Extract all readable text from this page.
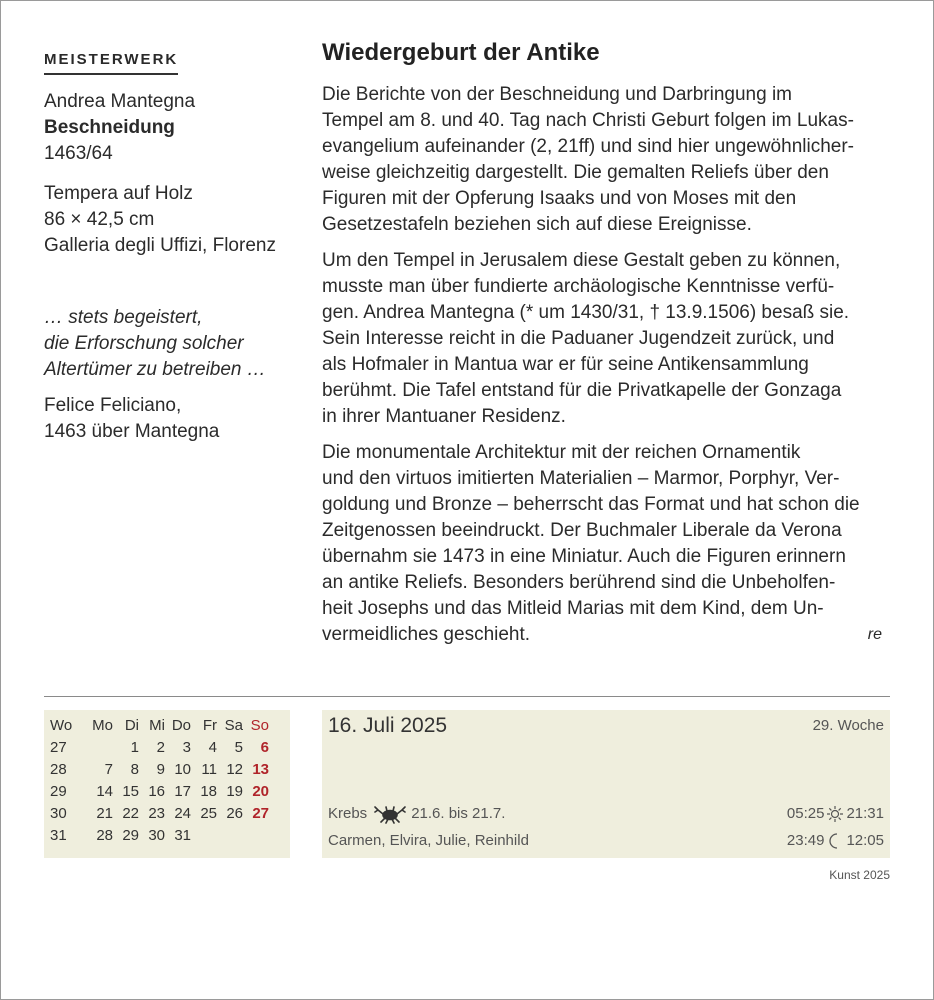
MEISTERWERK
Andrea Mantegna
Beschneidung
1463/64
Tempera auf Holz
86 × 42,5 cm
Galleria degli Uffizi, Florenz
… stets begeistert,
die Erforschung solcher
Altertümer zu betreiben …
Felice Feliciano,
1463 über Mantegna
Wiedergeburt der Antike
Die Berichte von der Beschneidung und Darbringung im
Tempel am 8. und 40. Tag nach Christi Geburt folgen im Lukas-
evangelium aufeinander (2, 21ff) und sind hier ungewöhnlicher-
weise gleichzeitig dargestellt. Die gemalten Reliefs über den
Figuren mit der Opferung Isaaks und von Moses mit den
Gesetzestafeln beziehen sich auf diese Ereignisse.
Um den Tempel in Jerusalem diese Gestalt geben zu können,
musste man über fundierte archäologische Kenntnisse verfü-
gen. Andrea Mantegna (* um 1430/31, † 13.9.1506) besaß sie.
Sein Interesse reicht in die Paduaner Jugendzeit zurück, und
als Hofmaler in Mantua war er für seine Antikensammlung
berühmt. Die Tafel entstand für die Privatkapelle der Gonzaga
in ihrer Mantuaner Residenz.
Die monumentale Architektur mit der reichen Ornamentik
und den virtuos imitierten Materialien – Marmor, Porphyr, Ver-
goldung und Bronze – beherrscht das Format und hat schon die
Zeitgenossen beeindruckt. Der Buchmaler Liberale da Verona
übernahm sie 1473 in eine Miniatur. Auch die Figuren erinnern
an antike Reliefs. Besonders berührend sind die Unbeholfen-
heit Josephs und das Mitleid Marias mit dem Kind, dem Un-
vermeidliches geschieht.	re
Wo		Mo	Di	Mi	Do	Fr	Sa	So
27			1	2	3	4	5	6
28		7	8	9	10	11	12	13
29		14	15	16	17	18	19	20
30		21	22	23	24	25	26	27
31		28	29	30	31			
16. Juli 2025	29. Woche
Krebs	21.6. bis 21.7.
Carmen, Elvira, Julie, Reinhild
05:25 21:31
23:49 12:05
Kunst 2025
